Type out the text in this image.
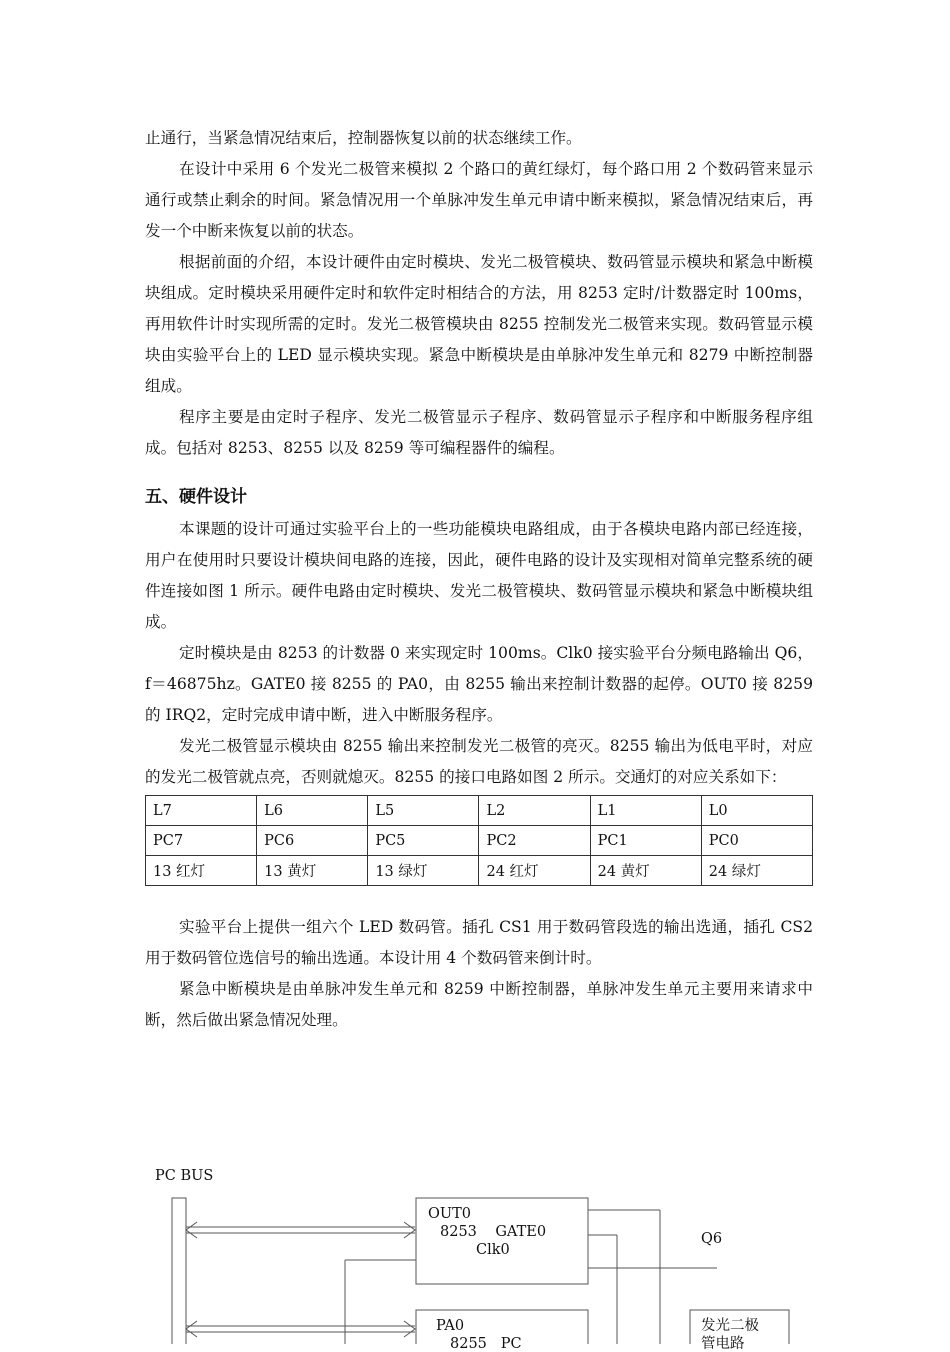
止通行，当紧急情况结束后，控制器恢复以前的状态继续工作。

在设计中采用 6 个发光二极管来模拟 2 个路口的黄红绿灯，每个路口用 2 个数码管来显示通行或禁止剩余的时间。紧急情况用一个单脉冲发生单元申请中断来模拟，紧急情况结束后，再发一个中断来恢复以前的状态。

根据前面的介绍，本设计硬件由定时模块、发光二极管模块、数码管显示模块和紧急中断模块组成。定时模块采用硬件定时和软件定时相结合的方法，用 8253 定时/计数器定时 100ms，再用软件计时实现所需的定时。发光二极管模块由 8255 控制发光二极管来实现。数码管显示模块由实验平台上的 LED 显示模块实现。紧急中断模块是由单脉冲发生单元和 8279 中断控制器组成。

程序主要是由定时子程序、发光二极管显示子程序、数码管显示子程序和中断服务程序组成。包括对 8253、8255 以及 8259 等可编程器件的编程。

五、硬件设计

本课题的设计可通过实验平台上的一些功能模块电路组成，由于各模块电路内部已经连接，用户在使用时只要设计模块间电路的连接，因此，硬件电路的设计及实现相对简单完整系统的硬件连接如图 1 所示。硬件电路由定时模块、发光二极管模块、数码管显示模块和紧急中断模块组成。

定时模块是由 8253 的计数器 0 来实现定时 100ms。Clk0 接实验平台分频电路输出 Q6，f＝46875hz。GATE0 接 8255 的 PA0，由 8255 输出来控制计数器的起停。OUT0 接 8259 的 IRQ2，定时完成申请中断，进入中断服务程序。

发光二极管显示模块由 8255 输出来控制发光二极管的亮灭。8255 输出为低电平时，对应的发光二极管就点亮，否则就熄灭。8255 的接口电路如图 2 所示。交通灯的对应关系如下：

L7	L6	L5	L2	L1	L0
PC7	PC6	PC5	PC2	PC1	PC0
13 红灯	13 黄灯	13 绿灯	24 红灯	24 黄灯	24 绿灯

实验平台上提供一组六个 LED 数码管。插孔 CS1 用于数码管段选的输出选通，插孔 CS2 用于数码管位选信号的输出选通。本设计用 4 个数码管来倒计时。

紧急中断模块是由单脉冲发生单元和 8259 中断控制器，单脉冲发生单元主要用来请求中断，然后做出紧急情况处理。

PC BUS
OUT0
8253    GATE0
Clk0
Q6
PA0
8255   PC
发光二极
管电路
